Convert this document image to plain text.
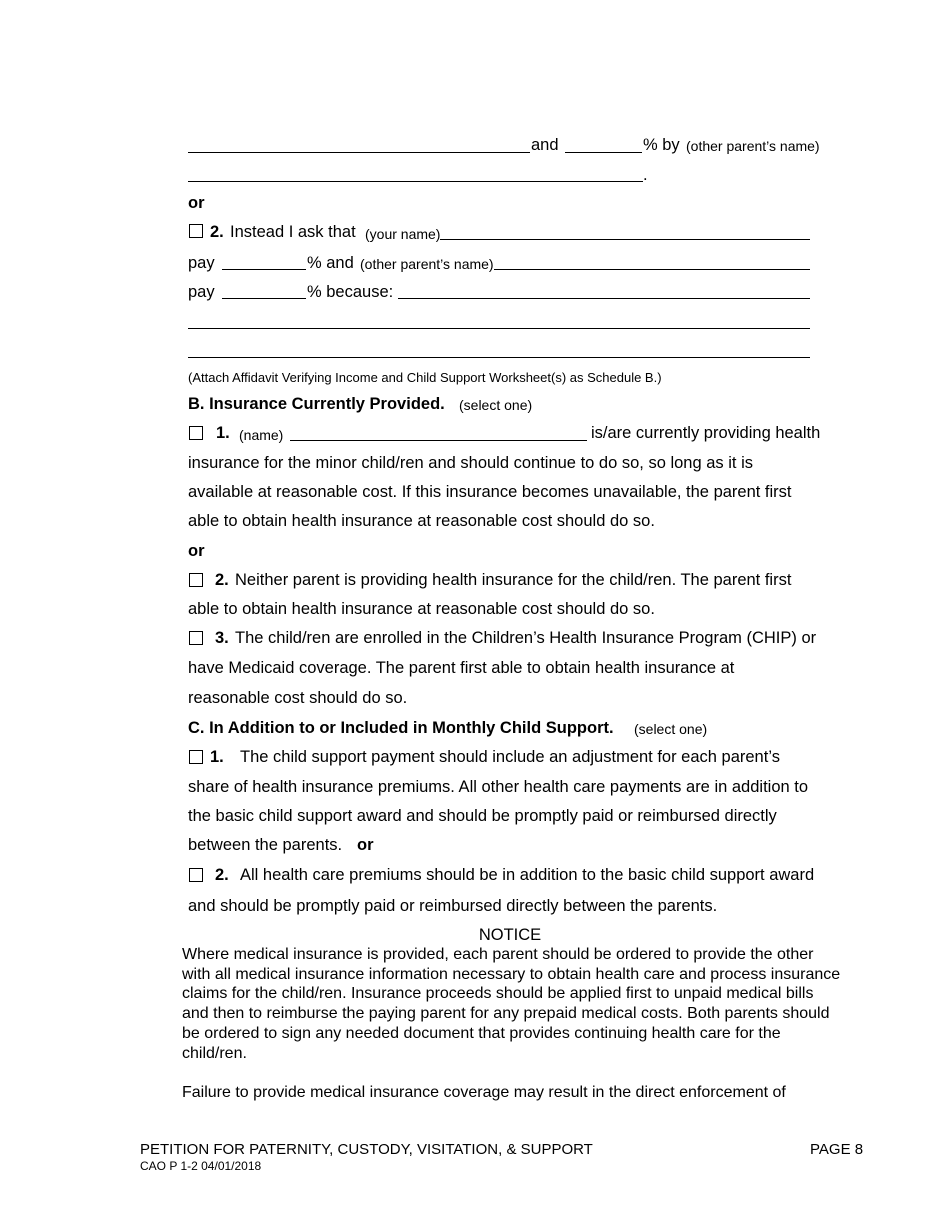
and	% by (other parent’s name)
.
or
2. Instead I ask that (your name)
pay	% and (other parent’s name)
pay	% because:
(Attach Affidavit Verifying Income and Child Support Worksheet(s) as Schedule B.)
B. Insurance Currently Provided. (select one)
1. (name)	is/are currently providing health
insurance for the minor child/ren and should continue to do so, so long as it is
available at reasonable cost. If this insurance becomes unavailable, the parent first
able to obtain health insurance at reasonable cost should do so.
or
2. Neither parent is providing health insurance for the child/ren. The parent first
able to obtain health insurance at reasonable cost should do so.
3. The child/ren are enrolled in the Children’s Health Insurance Program (CHIP) or
have Medicaid coverage. The parent first able to obtain health insurance at
reasonable cost should do so.
C. In Addition to or Included in Monthly Child Support. (select one)
1. The child support payment should include an adjustment for each parent’s
share of health insurance premiums. All other health care payments are in addition to
the basic child support award and should be promptly paid or reimbursed directly
between the parents. or
2. All health care premiums should be in addition to the basic child support award
and should be promptly paid or reimbursed directly between the parents.
NOTICE

Where medical insurance is provided, each parent should be ordered to provide the other with all medical insurance information necessary to obtain health care and process insurance claims for the child/ren. Insurance proceeds should be applied first to unpaid medical bills and then to reimburse the paying parent for any prepaid medical costs. Both parents should be ordered to sign any needed document that provides continuing health care for the child/ren.

Failure to provide medical insurance coverage may result in the direct enforcement of

PETITION FOR PATERNITY, CUSTODY, VISITATION, & SUPPORT
CAO P 1-2 04/01/2018
PAGE 8
